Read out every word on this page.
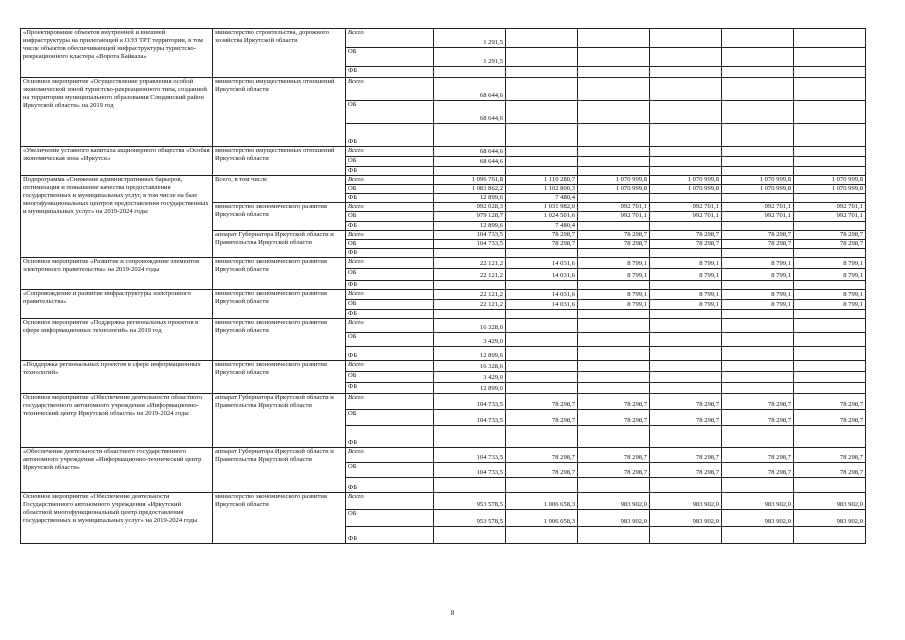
«Проектирование объектов внутренней и внешней инфраструктуры на прилегающей к ОЭЗ ТРТ территории, в том числе объектов обеспечивающей инфраструктуры туристско-рекреационного кластера «Ворота Байкала»	министерство строительства, дорожного хозяйства Иркутской области	Всего	1 291,5					
		ОБ	1 291,5					
		ФБ						
Основное мероприятие «Осуществление управления особой экономической зоной туристско-рекреационного типа, созданной на территории муниципального образования Слюдянский район Иркутской области» на 2019 год	министерство имущественных отношений Иркутской области	Всего	68 644,6					
		ОБ	68 644,6					
		ФБ						
«Увеличение уставного капитала акционерного общества «Особая экономическая зона «Иркутск»	министерство имущественных отношений Иркутской области	Всего	68 644,6					
		ОБ	68 644,6					
		ФБ						
Подпрограмма «Снижение административных барьеров, оптимизация и повышение качества предоставления государственных и муниципальных услуг, в том числе на базе многофункциональных центров предоставления государственных и муниципальных услуг» на 2019-2024 годы	Всего, в том числе	Всего	1 096 761,8	1 110 280,7	1 070 999,8	1 070 999,8	1 070 999,8	1 070 999,8
		ОБ	1 083 862,2	1 102 800,3	1 070 999,8	1 070 999,8	1 070 999,8	1 070 999,8
		ФБ	12 899,6	7 480,4				
	министерство экономического развития Иркутской области	Всего	992 028,3	1 031 982,0	992 701,1	992 701,1	992 701,1	992 701,1
		ОБ	979 128,7	1 024 501,6	992 701,1	992 701,1	992 701,1	992 701,1
		ФБ	12 899,6	7 480,4				
	аппарат Губернатора Иркутской области и Правительства Иркутской области	Всего	104 733,5	78 298,7	78 298,7	78 298,7	78 298,7	78 298,7
		ОБ	104 733,5	78 298,7	78 298,7	78 298,7	78 298,7	78 298,7
		ФБ						
Основное мероприятие «Развитие и сопровождение элементов электронного правительства» на 2019-2024 годы	министерство экономического развития Иркутской области	Всего	22 121,2	14 031,6	8 799,1	8 799,1	8 799,1	8 799,1
		ОБ	22 121,2	14 031,6	8 799,1	8 799,1	8 799,1	8 799,1
		ФБ						
«Сопровождение и развитие инфраструктуры электронного правительства»	министерство экономического развития Иркутской области	Всего	22 121,2	14 031,6	8 799,1	8 799,1	8 799,1	8 799,1
		ОБ	22 121,2	14 031,6	8 799,1	8 799,1	8 799,1	8 799,1
		ФБ						
Основное мероприятие «Поддержка региональных проектов в сфере информационных технологий» на 2019 год	министерство экономического развития Иркутской области	Всего	16 328,6					
		ОБ	3 429,0					
		ФБ	12 899,6					
«Поддержка региональных проектов в сфере информационных технологий»	министерство экономического развития Иркутской области	Всего	16 328,6					
		ОБ	3 429,0					
		ФБ	12 899,6					
Основное мероприятие «Обеспечение деятельности областного государственного автономного учреждения «Информационно-технический центр Иркутской области» на 2019-2024 годы	аппарат Губернатора Иркутской области и Правительства Иркутской области	Всего	104 733,5	78 298,7	78 298,7	78 298,7	78 298,7	78 298,7
		ОБ	104 733,5	78 298,7	78 298,7	78 298,7	78 298,7	78 298,7
		ФБ						
«Обеспечение деятельности областного государственного автономного учреждения «Информационно-технический центр Иркутской области»	аппарат Губернатора Иркутской области и Правительства Иркутской области	Всего	104 733,5	78 298,7	78 298,7	78 298,7	78 298,7	78 298,7
		ОБ	104 733,5	78 298,7	78 298,7	78 298,7	78 298,7	78 298,7
		ФБ						
Основное мероприятие «Обеспечение деятельности Государственного автономного учреждения «Иркутский областной многофункциональный центр предоставления государственных и муниципальных услуг» на 2019-2024 годы	министерство экономического развития Иркутской области	Всего	953 578,5	1 006 658,3	983 902,0	983 902,0	983 902,0	983 902,0
		ОБ	953 578,5	1 006 658,3	983 902,0	983 902,0	983 902,0	983 902,0
		ФБ						
8
